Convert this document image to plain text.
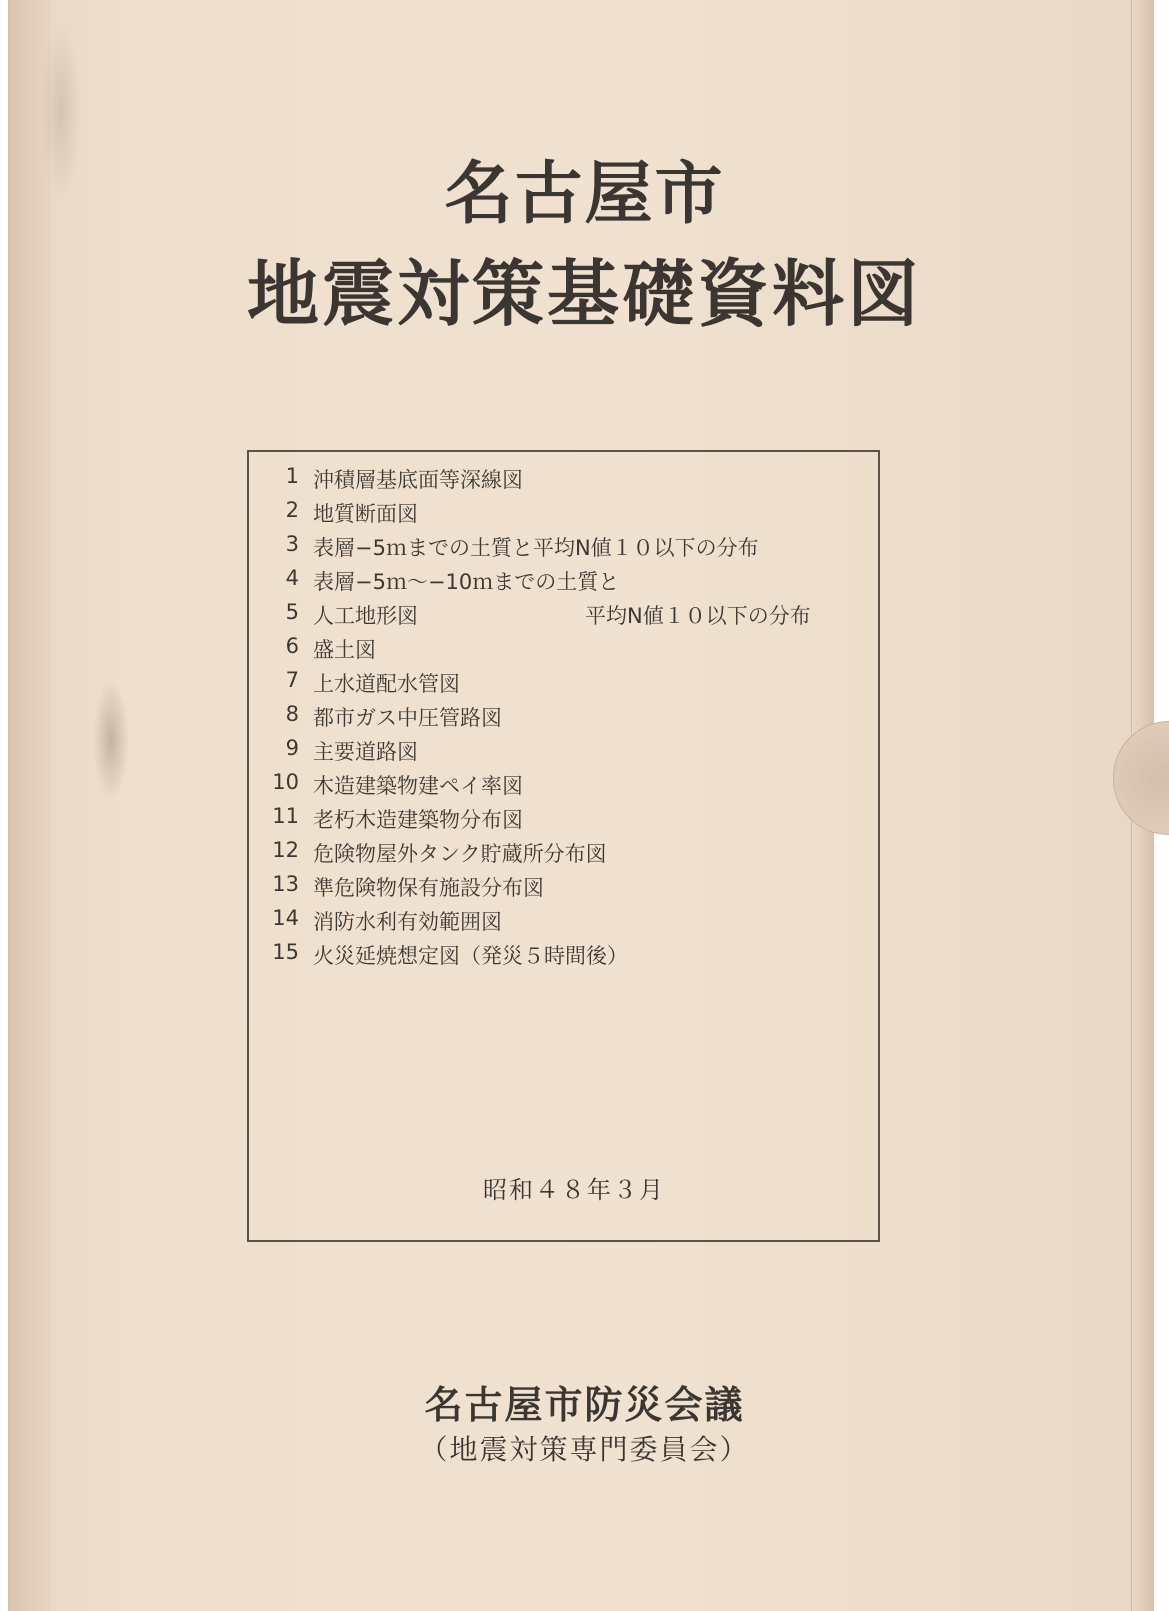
名古屋市
地震対策基礎資料図
1 沖積層基底面等深線図
2 地質断面図
3 表層−5ｍまでの土質と平均N値１０以下の分布
4 表層−5ｍ〜−10ｍまでの土質と
平均N値１０以下の分布
5 人工地形図
6 盛土図
7 上水道配水管図
8 都市ガス中圧管路図
9 主要道路図
10 木造建築物建ペイ率図
11 老朽木造建築物分布図
12 危険物屋外タンク貯蔵所分布図
13 準危険物保有施設分布図
14 消防水利有効範囲図
15 火災延焼想定図（発災５時間後）
昭和４８年３月
名古屋市防災会議
（地震対策専門委員会）
